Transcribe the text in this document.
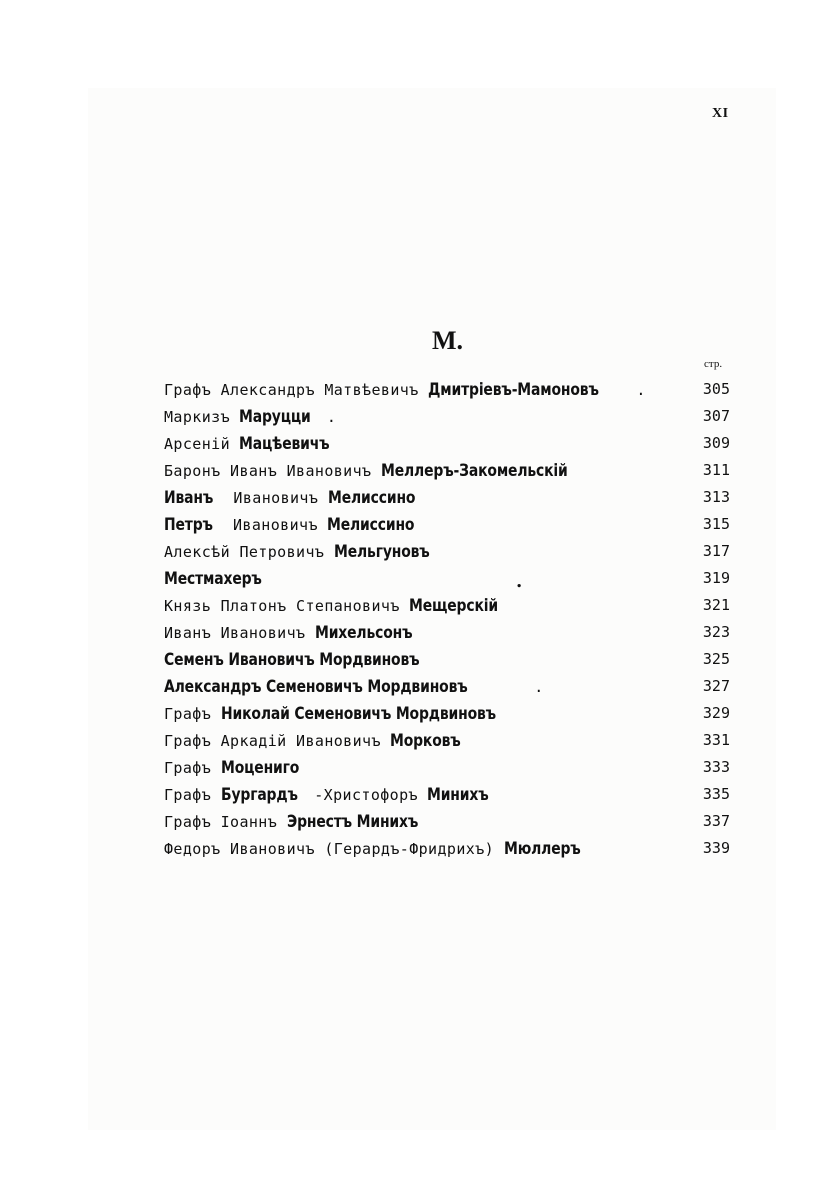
XI
М.
стр.
Графъ Александръ Матвѣевичъ Дмитріевъ-Мамоновъ .	305
Маркизъ Маруцци .	307
Арсеній Мацѣевичъ	309
Баронъ Иванъ Ивановичъ Меллеръ-Закомельскій	311
Иванъ Ивановичъ Мелиссино	313
Петръ Ивановичъ Мелиссино	315
Алексѣй Петровичъ Мельгуновъ	317
Местмахеръ	319
Князь Платонъ Степановичъ Мещерскій	321
Иванъ Ивановичъ Михельсонъ	323
Семенъ Ивановичъ Мордвиновъ	325
Александръ Семеновичъ Мордвиновъ	.	327
Графъ Николай Семеновичъ Мордвиновъ	329
Графъ Аркадій Ивановичъ Морковъ	331
Графъ Моцениго	333
Графъ Бургардъ -Христофоръ Минихъ	335
Графъ Іоаннъ Эрнестъ Минихъ	337
Федоръ Ивановичъ (Герардъ-Фридрихъ) Мюллеръ	339
.
